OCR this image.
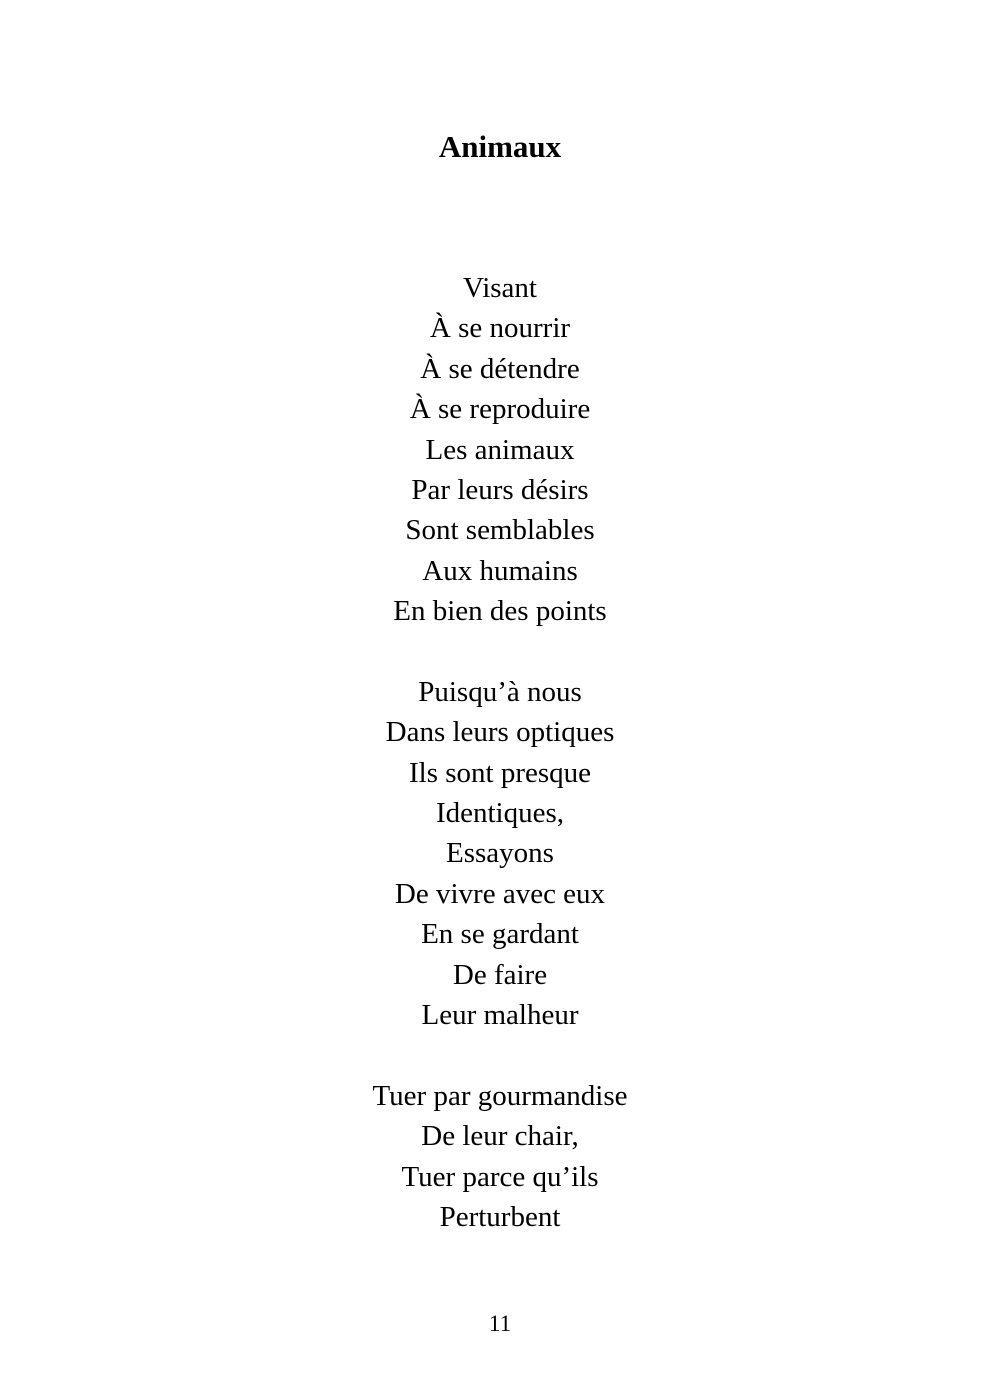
Animaux
Visant
À se nourrir
À se détendre
À se reproduire
Les animaux
Par leurs désirs
Sont semblables
Aux humains
En bien des points
Puisqu’à nous
Dans leurs optiques
Ils sont presque
Identiques,
Essayons
De vivre avec eux
En se gardant
De faire
Leur malheur
Tuer par gourmandise
De leur chair,
Tuer parce qu’ils
Perturbent
11
